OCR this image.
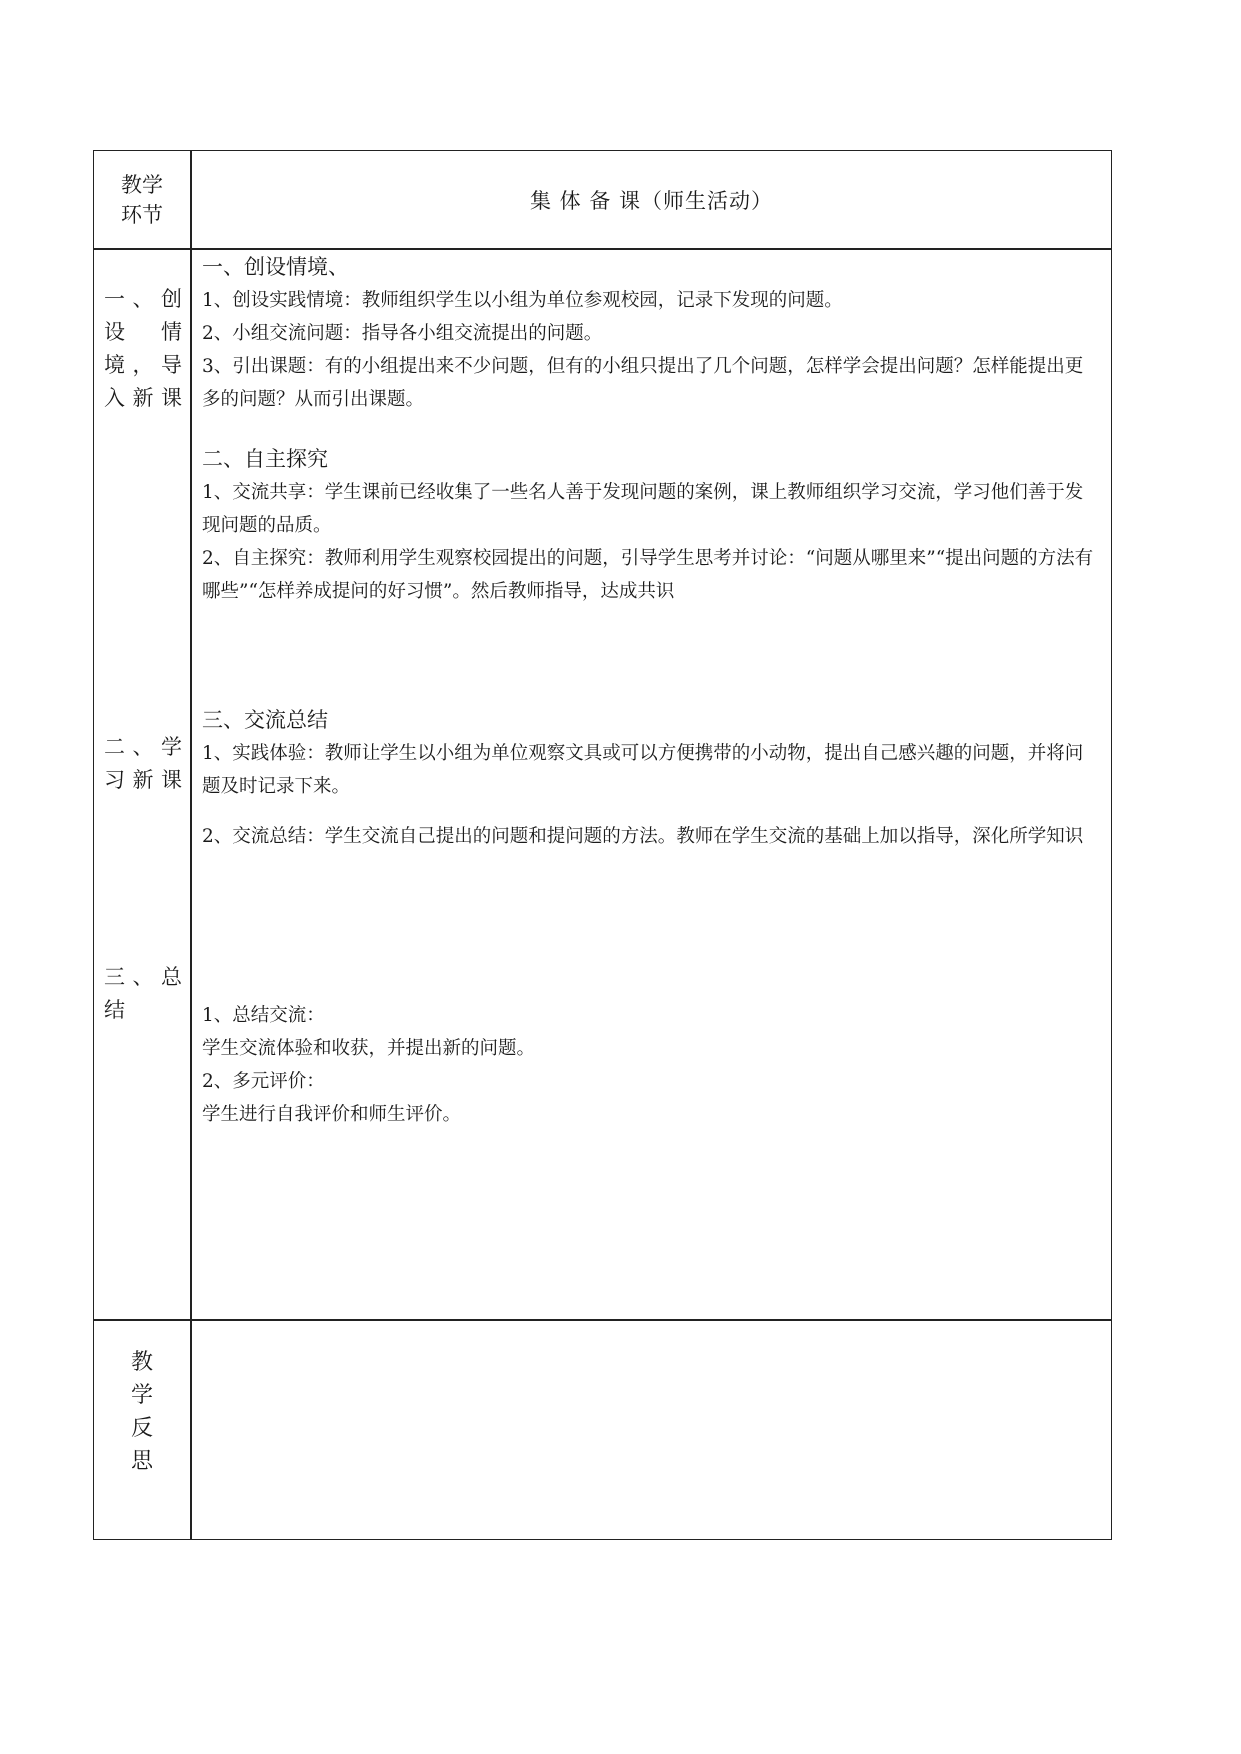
教学环节
集 体 备 课（师生活动）
一、创设情境，导入新课
二、学习新课
三、总结

一、创设情境、

1、创设实践情境：教师组织学生以小组为单位参观校园，记录下发现的问题。

2、小组交流问题：指导各小组交流提出的问题。

3、引出课题：有的小组提出来不少问题，但有的小组只提出了几个问题，怎样学会提出问题？怎样能提出更多的问题？从而引出课题。

二、自主探究

1、交流共享：学生课前已经收集了一些名人善于发现问题的案例，课上教师组织学习交流，学习他们善于发现问题的品质。

2、自主探究：教师利用学生观察校园提出的问题，引导学生思考并讨论：“问题从哪里来”“提出问题的方法有哪些”“怎样养成提问的好习惯”。然后教师指导，达成共识

三、交流总结

1、实践体验：教师让学生以小组为单位观察文具或可以方便携带的小动物，提出自己感兴趣的问题，并将问题及时记录下来。

2、交流总结：学生交流自己提出的问题和提问题的方法。教师在学生交流的基础上加以指导，深化所学知识

1、总结交流：

学生交流体验和收获，并提出新的问题。

2、多元评价：

学生进行自我评价和师生评价。

教
学
反
思
